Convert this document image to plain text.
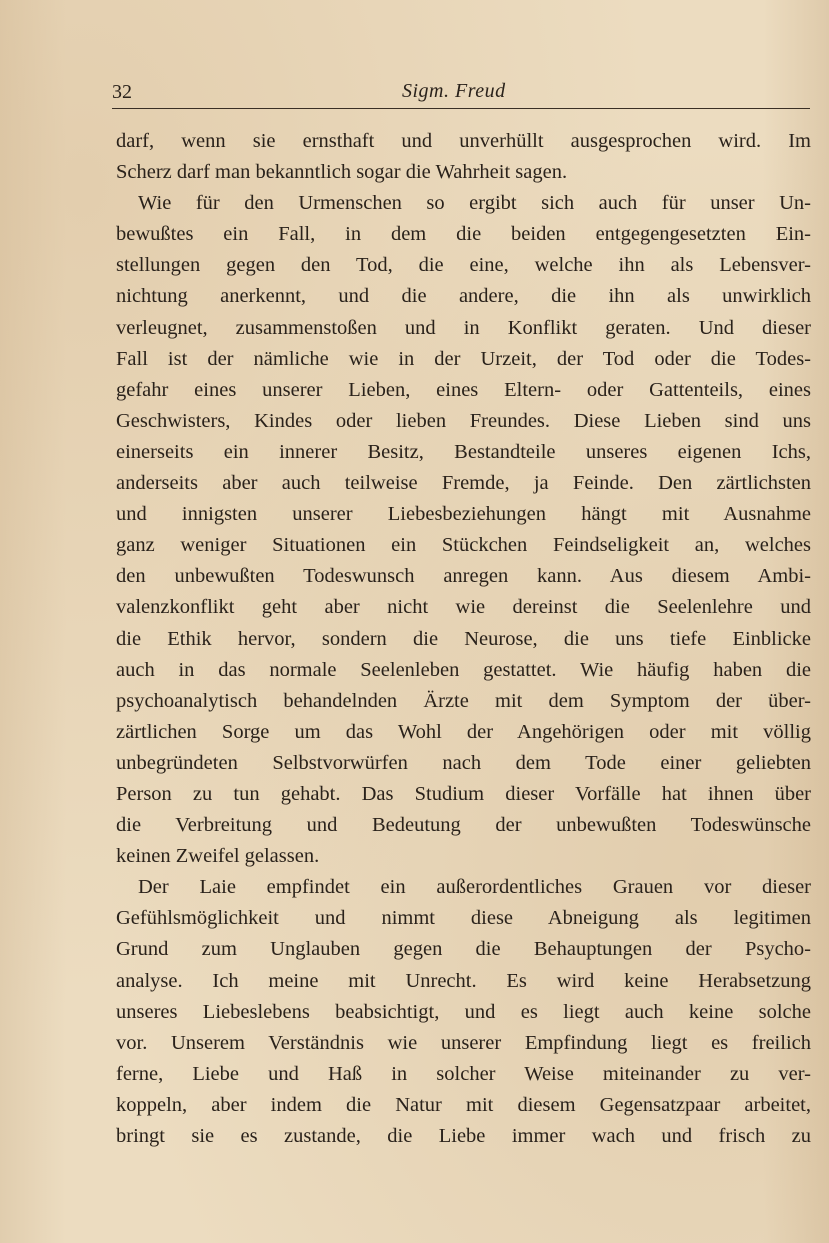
32	Sigm. Freud
darf, wenn sie ernsthaft und unverhüllt ausgesprochen wird. Im
Scherz darf man bekanntlich sogar die Wahrheit sagen.
Wie für den Urmenschen so ergibt sich auch für unser Un-
bewußtes ein Fall, in dem die beiden entgegengesetzten Ein-
stellungen gegen den Tod, die eine, welche ihn als Lebensver-
nichtung anerkennt, und die andere, die ihn als unwirklich
verleugnet, zusammenstoßen und in Konflikt geraten. Und dieser
Fall ist der nämliche wie in der Urzeit, der Tod oder die Todes-
gefahr eines unserer Lieben, eines Eltern- oder Gattenteils, eines
Geschwisters, Kindes oder lieben Freundes. Diese Lieben sind uns
einerseits ein innerer Besitz, Bestandteile unseres eigenen Ichs,
anderseits aber auch teilweise Fremde, ja Feinde. Den zärtlichsten
und innigsten unserer Liebesbeziehungen hängt mit Ausnahme
ganz weniger Situationen ein Stückchen Feindseligkeit an, welches
den unbewußten Todeswunsch anregen kann. Aus diesem Ambi-
valenzkonflikt geht aber nicht wie dereinst die Seelenlehre und
die Ethik hervor, sondern die Neurose, die uns tiefe Einblicke
auch in das normale Seelenleben gestattet. Wie häufig haben die
psychoanalytisch behandelnden Ärzte mit dem Symptom der über-
zärtlichen Sorge um das Wohl der Angehörigen oder mit völlig
unbegründeten Selbstvorwürfen nach dem Tode einer geliebten
Person zu tun gehabt. Das Studium dieser Vorfälle hat ihnen über
die Verbreitung und Bedeutung der unbewußten Todeswünsche
keinen Zweifel gelassen.
Der Laie empfindet ein außerordentliches Grauen vor dieser
Gefühlsmöglichkeit und nimmt diese Abneigung als legitimen
Grund zum Unglauben gegen die Behauptungen der Psycho-
analyse. Ich meine mit Unrecht. Es wird keine Herabsetzung
unseres Liebeslebens beabsichtigt, und es liegt auch keine solche
vor. Unserem Verständnis wie unserer Empfindung liegt es freilich
ferne, Liebe und Haß in solcher Weise miteinander zu ver-
koppeln, aber indem die Natur mit diesem Gegensatzpaar arbeitet,
bringt sie es zustande, die Liebe immer wach und frisch zu
